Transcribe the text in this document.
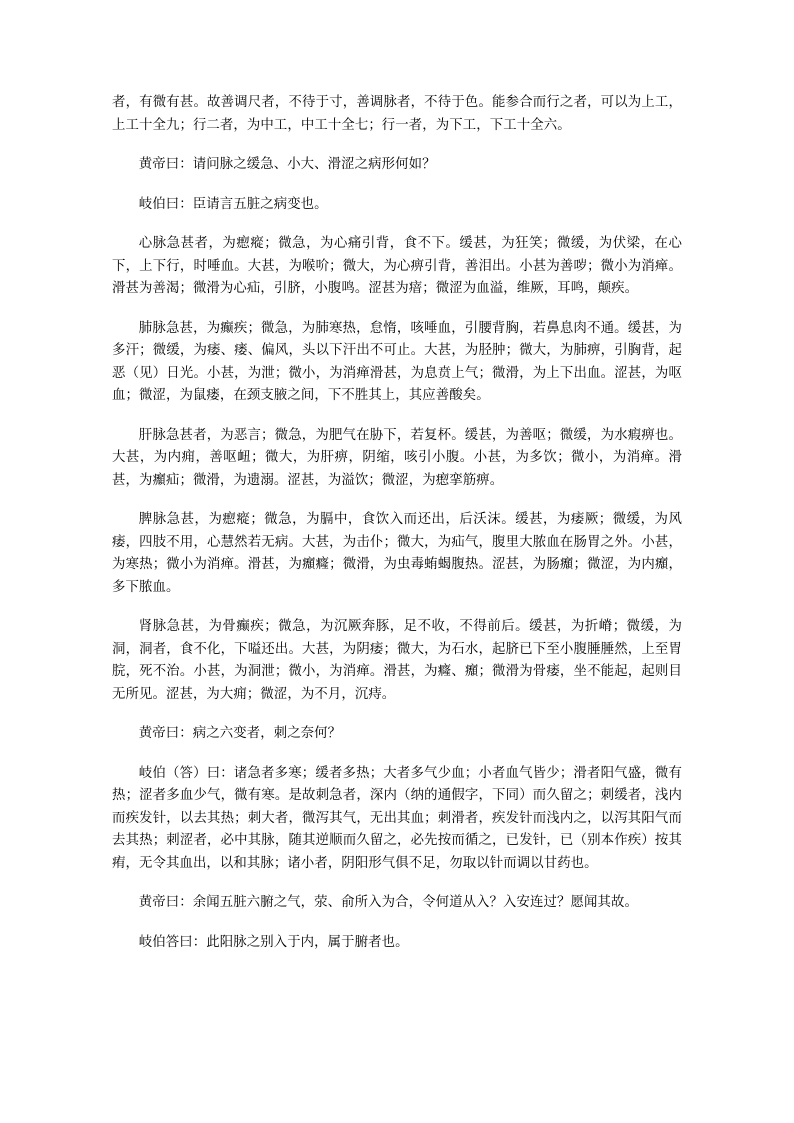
者，有微有甚。故善调尺者，不待于寸，善调脉者，不待于色。能参合而行之者，可以为上工，上工十全九；行二者，为中工，中工十全七；行一者，为下工，下工十全六。

黄帝曰：请问脉之缓急、小大、滑涩之病形何如？

岐伯曰：臣请言五脏之病变也。

心脉急甚者，为瘛瘲；微急，为心痛引背，食不下。缓甚，为狂笑；微缓，为伏梁，在心下，上下行，时唾血。大甚，为喉吤；微大，为心痹引背，善泪出。小甚为善哕；微小为消瘅。滑甚为善渴；微滑为心疝，引脐，小腹鸣。涩甚为瘖；微涩为血溢，维厥，耳鸣，颠疾。

肺脉急甚，为癫疾；微急，为肺寒热，怠惰，咳唾血，引腰背胸，若鼻息肉不通。缓甚，为多汗；微缓，为痿、瘘、偏风，头以下汗出不可止。大甚，为胫肿；微大，为肺痹，引胸背，起恶（见）日光。小甚，为泄；微小，为消瘅滑甚，为息贲上气；微滑，为上下出血。涩甚，为呕血；微涩，为鼠瘘，在颈支腋之间，下不胜其上，其应善酸矣。

肝脉急甚者，为恶言；微急，为肥气在胁下，若复杯。缓甚，为善呕；微缓，为水瘕痹也。大甚，为内痈，善呕衄；微大，为肝痹，阴缩，咳引小腹。小甚，为多饮；微小，为消瘅。滑甚，为㿗疝；微滑，为遗溺。涩甚，为溢饮；微涩，为瘛挛筋痹。

脾脉急甚，为瘛瘲；微急，为膈中，食饮入而还出，后沃沫。缓甚，为痿厥；微缓，为风痿，四肢不用，心慧然若无病。大甚，为击仆；微大，为疝气，腹里大脓血在肠胃之外。小甚，为寒热；微小为消瘅。滑甚，为㿗癃；微滑，为虫毒蛕蝎腹热。涩甚，为肠㿗；微涩，为内㿗，多下脓血。

肾脉急甚，为骨癫疾；微急，为沉厥奔豚，足不收，不得前后。缓甚，为折嵴；微缓，为洞，洞者，食不化，下嗌还出。大甚，为阴痿；微大，为石水，起脐已下至小腹腄腄然，上至胃脘，死不治。小甚，为洞泄；微小，为消瘅。滑甚，为癃、㿗；微滑为骨痿，坐不能起，起则目无所见。涩甚，为大痈；微涩，为不月，沉痔。

黄帝曰：病之六变者，刺之奈何？

岐伯（答）曰：诸急者多寒；缓者多热；大者多气少血；小者血气皆少；滑者阳气盛，微有热；涩者多血少气，微有寒。是故刺急者，深内（纳的通假字，下同）而久留之；刺缓者，浅内而疾发针，以去其热；刺大者，微泻其气，无出其血；刺滑者，疾发针而浅内之，以泻其阳气而去其热；刺涩者，必中其脉，随其逆顺而久留之，必先按而循之，已发针，已（别本作疾）按其痏，无令其血出，以和其脉；诸小者，阴阳形气俱不足，勿取以针而调以甘药也。

黄帝曰：余闻五脏六腑之气，荥、俞所入为合，令何道从入？入安连过？愿闻其故。

岐伯答曰：此阳脉之别入于内，属于腑者也。
